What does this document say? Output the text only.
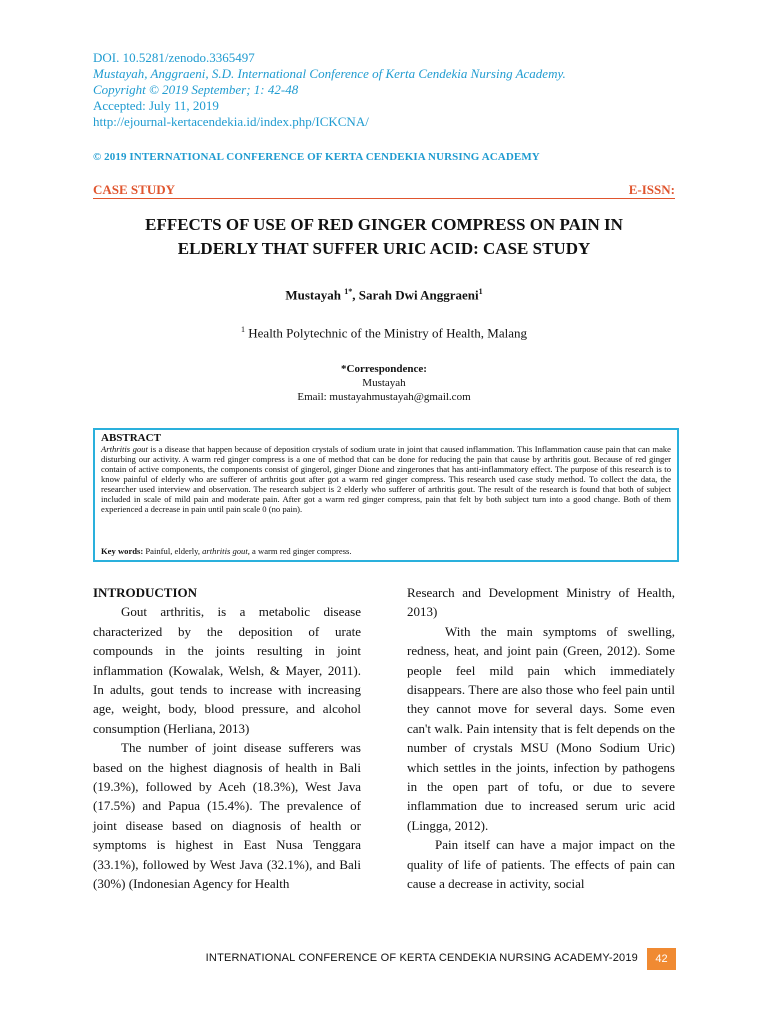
DOI. 10.5281/zenodo.3365497
Mustayah, Anggraeni, S.D. International Conference of Kerta Cendekia Nursing Academy.
Copyright © 2019 September; 1: 42-48
Accepted: July 11, 2019
http://ejournal-kertacendekia.id/index.php/ICKCNA/
© 2019 INTERNATIONAL CONFERENCE OF KERTA CENDEKIA NURSING ACADEMY
CASE STUDY	E-ISSN:
EFFECTS OF USE OF RED GINGER COMPRESS ON PAIN IN
ELDERLY THAT SUFFER URIC ACID: CASE STUDY
Mustayah $^{1*}$, Sarah Dwi Anggraeni$^1$
$^1$ Health Polytechnic of the Ministry of Health, Malang
*Correspondence:
Mustayah
Email: mustayahmustayah@gmail.com
ABSTRACT
Arthritis gout is a disease that happen because of deposition crystals of sodium urate in joint that caused inflammation. This Inflammation cause pain that can make disturbing our activity. A warm red ginger compress is a one of method that can be done for reducing the pain that cause by arthritis gout. Because of red ginger contain of active components, the components consist of gingerol, ginger Dione and zingerones that has anti-inflammatory effect. The purpose of this research is to know painful of elderly who are sufferer of arthritis gout after got a warm red ginger compress. This research used case study method. To collect the data, the researcher used interview and observation. The research subject is 2 elderly who sufferer of arthritis gout. The result of the research is found that both of subject included in scale of mild pain and moderate pain. After got a warm red ginger compress, pain that felt by both subject turn into a good change. Both of them experienced a decrease in pain until pain scale 0 (no pain).
Key words: Painful, elderly, arthritis gout, a warm red ginger compress.
INTRODUCTION

Gout arthritis, is a metabolic disease characterized by the deposition of urate compounds in the joints resulting in joint inflammation (Kowalak, Welsh, & Mayer, 2011). In adults, gout tends to increase with increasing age, weight, body, blood pressure, and alcohol consumption (Herliana, 2013)

The number of joint disease sufferers was based on the highest diagnosis of health in Bali (19.3%), followed by Aceh (18.3%), West Java (17.5%) and Papua (15.4%). The prevalence of joint disease based on diagnosis of health or symptoms is highest in East Nusa Tenggara (33.1%), followed by West Java (32.1%), and Bali (30%) (Indonesian Agency for Health

Research and Development Ministry of Health, 2013)

With the main symptoms of swelling, redness, heat, and joint pain (Green, 2012). Some people feel mild pain which immediately disappears. There are also those who feel pain until they cannot move for several days. Some even can't walk. Pain intensity that is felt depends on the number of crystals MSU (Mono Sodium Uric) which settles in the joints, infection by pathogens in the open part of tofu, or due to severe inflammation due to increased serum uric acid (Lingga, 2012).

Pain itself can have a major impact on the quality of life of patients. The effects of pain can cause a decrease in activity, social

INTERNATIONAL CONFERENCE OF KERTA CENDEKIA NURSING ACADEMY-2019	42
